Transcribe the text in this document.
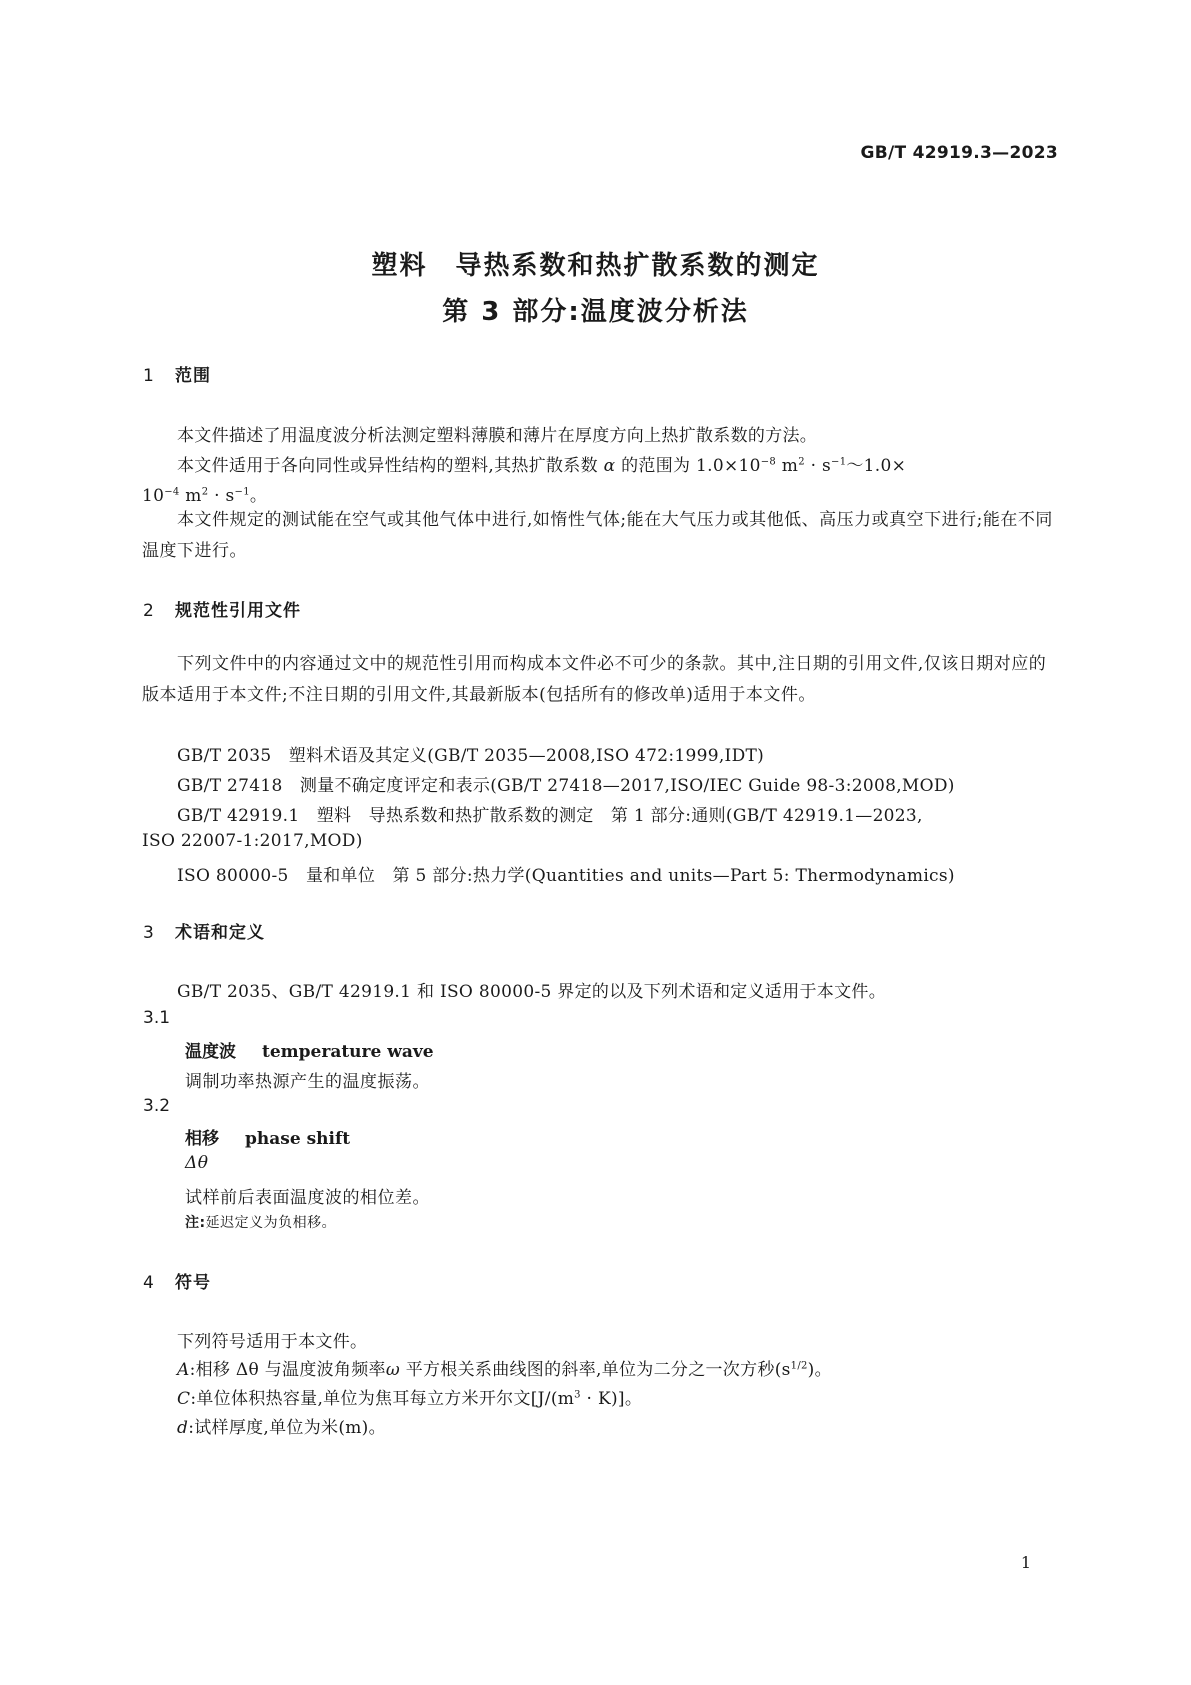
GB/T 42919.3—2023
塑料　导热系数和热扩散系数的测定
第 3 部分:温度波分析法
1 范围
本文件描述了用温度波分析法测定塑料薄膜和薄片在厚度方向上热扩散系数的方法。
本文件适用于各向同性或异性结构的塑料,其热扩散系数 α 的范围为 $1.0\times 10^{-8}$ $m^2$ · $s^{-1}\sim 1.0\times$
$10^{-4}$ $m^2 \cdot s^{-1}$。
本文件规定的测试能在空气或其他气体中进行,如惰性气体;能在大气压力或其他低、高压力或真空下进行;能在不同温度下进行。
2 规范性引用文件
下列文件中的内容通过文中的规范性引用而构成本文件必不可少的条款。其中,注日期的引用文件,仅该日期对应的版本适用于本文件;不注日期的引用文件,其最新版本(包括所有的修改单)适用于本文件。
GB/T 2035　塑料术语及其定义(GB/T 2035—2008,ISO 472:1999,IDT)
GB/T 27418　测量不确定度评定和表示(GB/T 27418—2017,ISO/IEC Guide 98-3:2008,MOD)
GB/T 42919.1　塑料　导热系数和热扩散系数的测定　第 1 部分:通则(GB/T 42919.1—2023,
ISO 22007-1:2017,MOD)
ISO 80000-5　量和单位　第 5 部分:热力学(Quantities and units—Part 5: Thermodynamics)
3 术语和定义
GB/T 2035、GB/T 42919.1 和 ISO 80000-5 界定的以及下列术语和定义适用于本文件。
3.1
温度波 temperature wave
调制功率热源产生的温度振荡。
3.2
相移 phase shift
Δθ
试样前后表面温度波的相位差。
注:延迟定义为负相移。
4 符号
下列符号适用于本文件。
A:相移 Δθ 与温度波角频率ω 平方根关系曲线图的斜率,单位为二分之一次方秒$(s^{1/2})$。
C:单位体积热容量,单位为焦耳每立方米开尔文$[J/(m^3 \cdot K)]$。
d:试样厚度,单位为米(m)。
1
